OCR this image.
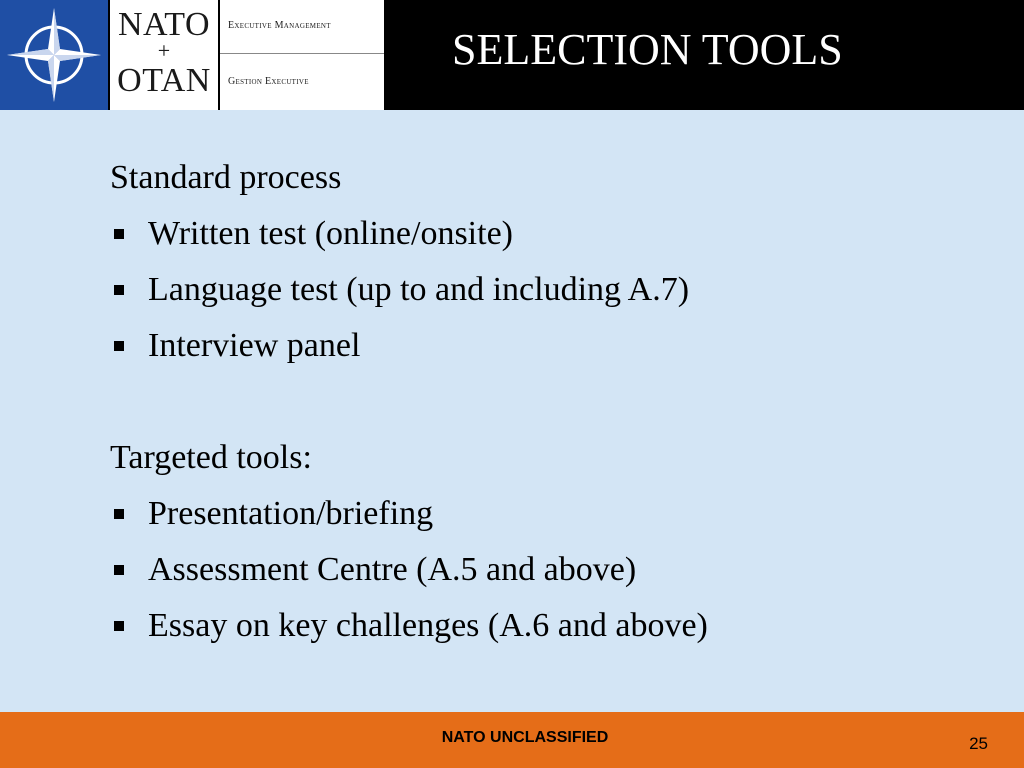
NATO
+
OTAN
Executive Management
Gestion Executive
SELECTION TOOLS
Standard process
Written test (online/onsite)
Language test (up to and including A.7)
Interview panel
Targeted tools:
Presentation/briefing
Assessment Centre (A.5 and above)
Essay on key challenges (A.6 and above)
NATO UNCLASSIFIED	25
